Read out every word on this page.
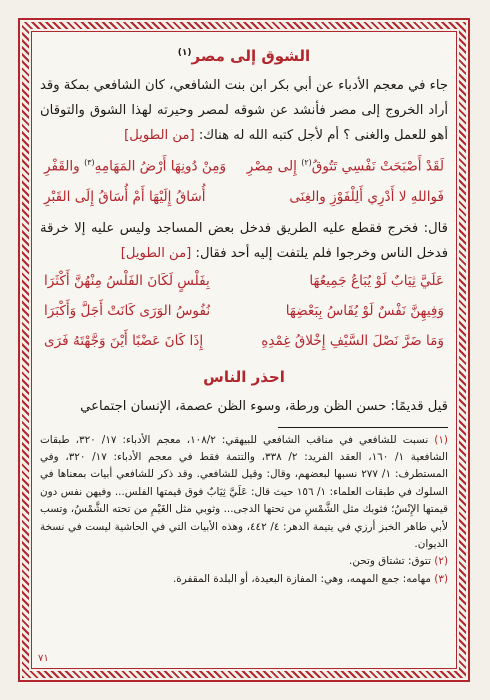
الشوق إلى مصر$^{(١)}$

جاء في معجم الأدباء عن أبي بكر ابن بنت الشافعي، كان الشافعي بمكة وقد أراد الخروج إلى مصر فأنشد عن شوقه لمصر وحيرته لهذا الشوق والتوقان أهو للعمل والغنى ؟ أم لأجل كتبه الله له هناك: [من الطويل]

لَقَدْ أَصْبَحَتْ نَفْسِي تَتُوقُ$^{(٢)}$ إِلى مِصْرِ
وَمِنْ دُونِهَا أَرْضُ المَهَامِهِ$^{(٣)}$ والقَفْرِ
فَواللهِ لا أَدْرِي أَلِلْفَوْزِ والغِنَى
أُسَاقُ إِلَيْهَا أَمْ أُسَاقُ إِلَى القَبْرِ

قال: فخرج فقطع عليه الطريق فدخل بعض المساجد وليس عليه إلا خرقة فدخل الناس وخرجوا فلم يلتفت إليه أحد فقال: [من الطويل]

عَلَيَّ ثِيَابٌ لَوْ يُبَاعُ جَمِيعُهَا
بِفَلْسٍ لَكَانَ الفَلْسُ مِنْهُنَّ أَكْثَرَا
وَفِيهِنَّ نَفْسٌ لَوْ يُقَاسُ بِبَعْضِهَا
نُفُوسُ الوَرَى كَانَتْ أَجَلَّ وَأَكْبَرَا
وَمَا ضَرَّ نَصْلَ السَّيْفِ إِخْلاقُ غِمْدِهِ
إِذَا كَانَ عَضْبًا أَيْنَ وَجَّهْتَهُ فَرَى
احذر الناس

قيل قديمًا: حسن الظن ورطة، وسوء الظن عصمة، الإنسان اجتماعي

(١) نسبت للشافعي في مناقب الشافعي للبيهقي: ١٠٨/٢، معجم الأدباء: ١٧/ ٣٢٠، طبقات الشافعية ١/ ١٦٠، العقد الفريد: ٢/ ٣٣٨، والتتمة فقط في معجم الأدباء: ١٧/ ٣٢٠، وفي المستطرف: ١/ ٢٧٧ نسبها لبعضهم، وقال: وقيل للشافعي. وقد ذكر للشافعي أبيات بمعناها في السلوك في طبقات العلماء: ١/ ١٥٦ حيث قال: عَلَيَّ ثِيَابٌ فوق قيمتها الفلس... وفيهن نفس دون قيمتها الإِنْسُ؛ فثوبك مثل الشَّمْسِ من تحتها الدجى... وثوبي مثل الغَيْمِ من تحته الشَّمْسُ، وتسب لأبي طاهر الخبز أرزي في يتيمة الدهر: ٤/ ٤٤٢، وهذه الأبيات التي في الحاشية ليست في نسخة الديوان.

(٢) تتوق: تشتاق وتحن.

(٣) مهامه: جمع المهمه، وهي: المفازة البعيدة، أو البلدة المقفرة.

٧١
